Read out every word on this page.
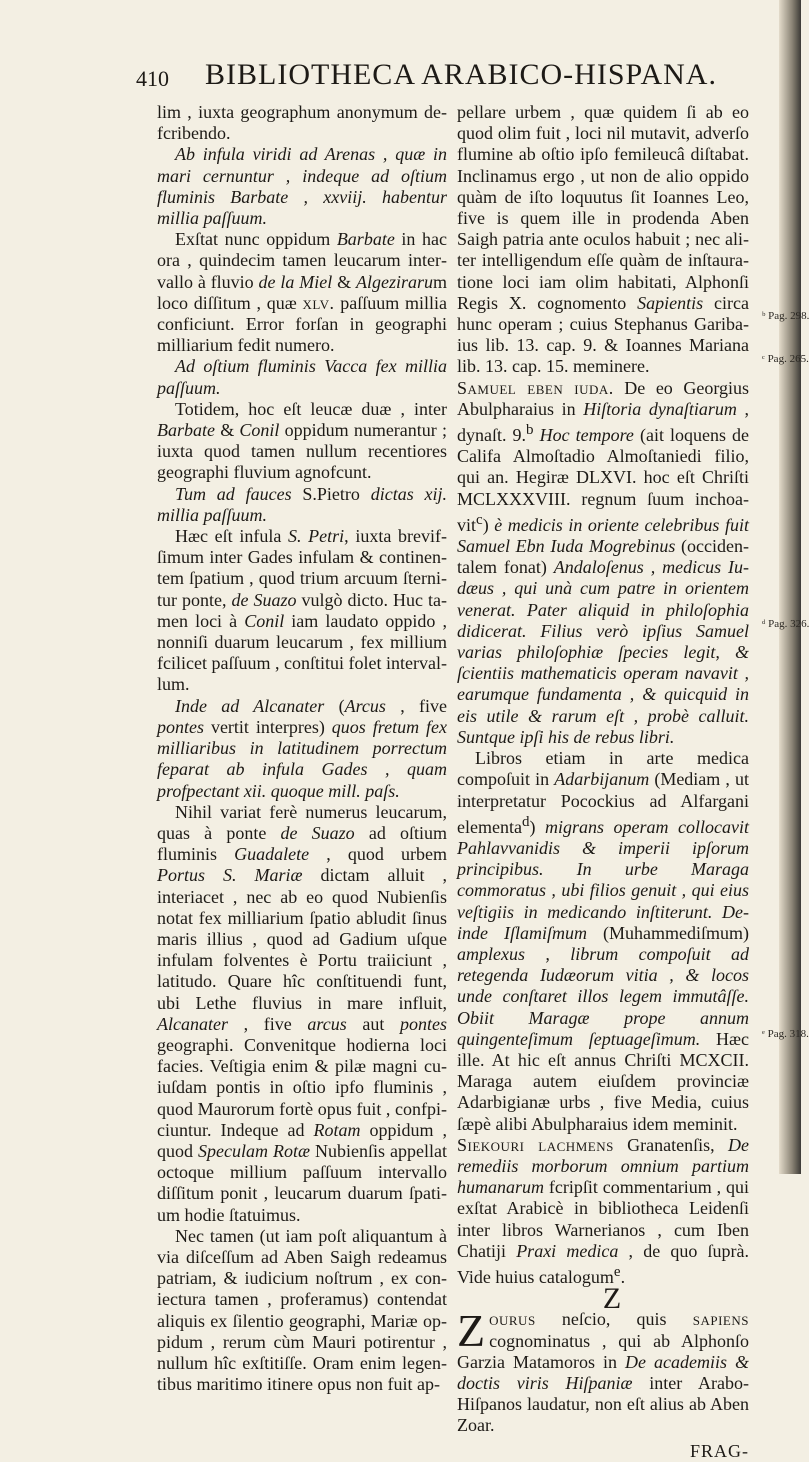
410 BIBLIOTHECA ARABICO-HISPANA.

lim , iuxta geographum anonymum defcribendo.

Ab infula viridi ad Arenas , quæ in mari cernuntur , indeque ad oſtium fluminis Barbate , xxviij. habentur millia paſſuum.

Exſtat nunc oppidum Barbate in hac ora , quindecim tamen leucarum intervallo à fluvio de la Miel & Algezirarum loco diſſitum , quæ xlv. paſſuum millia conficiunt. Error forſan in geographi milliarium fedit numero.

Ad oſtium fluminis Vacca fex millia paſſuum.

Totidem, hoc eſt leucæ duæ , inter Barbate & Conil oppidum numerantur ; iuxta quod tamen nullum recentiores geographi fluvium agnofcunt.

Tum ad fauces S.Pietro dictas xij. millia paſſuum.

Hæc eſt infula S. Petri, iuxta brevifſimum inter Gades infulam & continentem ſpatium , quod trium arcuum ſternitur ponte, de Suazo vulgò dicto. Huc tamen loci à Conil iam laudato oppido , nonniſi duarum leucarum , fex millium fcilicet paſſuum , conſtitui folet intervallum.

Inde ad Alcanater (Arcus , five pontes vertit interpres) quos fretum fex milliaribus in latitudinem porrectum feparat ab infula Gades , quam profpectant xii. quoque mill. paſs.

Nihil variat ferè numerus leucarum, quas à ponte de Suazo ad oſtium fluminis Guadalete , quod urbem Portus S. Mariæ dictam alluit , interiacet , nec ab eo quod Nubienſis notat fex milliarium ſpatio abludit ſinus maris illius , quod ad Gadium uſque infulam folventes è Portu traiiciunt , latitudo. Quare hîc conſtituendi funt, ubi Lethe fluvius in mare influit, Alcanater , five arcus aut pontes geographi. Convenitque hodierna loci facies. Veſtigia enim & pilæ magni cuiuſdam pontis in oſtio ipfo fluminis , quod Maurorum fortè opus fuit , confpiciuntur. Indeque ad Rotam oppidum , quod Speculam Rotæ Nubienſis appellat octoque millium paſſuum intervallo diſſitum ponit , leucarum duarum ſpatium hodie ſtatuimus.

Nec tamen (ut iam poſt aliquantum à via diſceſſum ad Aben Saigh redeamus patriam, & iudicium noſtrum , ex coniectura tamen , proferamus) contendat aliquis ex ſilentio geographi, Mariæ oppidum , rerum cùm Mauri potirentur , nullum hîc exſtitiſſe. Oram enim legentibus maritimo itinere opus non fuit ap-

pellare urbem , quæ quidem ſi ab eo quod olim fuit , loci nil mutavit, adverſo flumine ab oſtio ipſo femileucâ diſtabat. Inclinamus ergo , ut non de alio oppido quàm de iſto loquutus ſit Ioannes Leo, five is quem ille in prodenda Aben Saigh patria ante oculos habuit ; nec aliter intelligendum eſſe quàm de inſtauratione loci iam olim habitati, Alphonſi Regis X. cognomento Sapientis circa hunc operam ; cuius Stephanus Garibaius lib. 13. cap. 9. & Ioannes Mariana lib. 13. cap. 15. meminere.

Samuel eben iuda. De eo Georgius Abulpharaius in Hiſtoria dynaſtiarum , dynaſt. 9.$^b$ Hoc tempore (ait loquens de Califa Almoſtadio Almoſtaniedi filio, qui an. Hegiræ DLXVI. hoc eſt Chriſti MCLXXXVIII. regnum ſuum inchoavit$^c$) è medicis in oriente celebribus fuit Samuel Ebn Iuda Mogrebinus (occidentalem fonat) Andaloſenus , medicus Iudæus , qui unà cum patre in orientem venerat. Pater aliquid in philoſophia didicerat. Filius verò ipſius Samuel varias philoſophiæ ſpecies legit, & ſcientiis mathematicis operam navavit , earumque fundamenta , & quicquid in eis utile & rarum eſt , probè calluit. Suntque ipſi his de rebus libri.

Libros etiam in arte medica compoſuit in Adarbijanum (Mediam , ut interpretatur Pocockius ad Alfargani elementa$^d$) migrans operam collocavit Pahlavvanidis & imperii ipſorum principibus. In urbe Maraga commoratus , ubi filios genuit , qui eius veſtigiis in medicando inſtiterunt. Deinde Iſlamiſmum (Muhammediſmum) amplexus , librum compoſuit ad retegenda Iudæorum vitia , & locos unde conſtaret illos legem immutâſſe. Obiit Maragæ prope annum quingenteſimum ſeptuageſimum. Hæc ille. At hic eſt annus Chriſti MCXCII. Maraga autem eiuſdem provinciæ Adarbigianæ urbs , five Media, cuius ſæpè alibi Abulpharaius idem meminit.

Siekouri lachmens Granatenſis, De remediis morborum omnium partium humanarum fcripſit commentarium , qui exſtat Arabicè in bibliotheca Leidenſi inter libros Warnerianos , cum Iben Chatiji Praxi medica , de quo ſuprà. Vide huius catalogum$^e$.

Z

Zourus neſcio, quis sapiens cognominatus , qui ab Alphonſo Garzia Matamoros in De academiis & doctis viris Hiſpaniæ inter Arabo-Hiſpanos laudatur, non eſt alius ab Aben Zoar.

FRAG-
ᵇ Pag. 298.
ᶜ Pag. 265.
ᵈ Pag. 326.
ᵉ Pag. 318.
